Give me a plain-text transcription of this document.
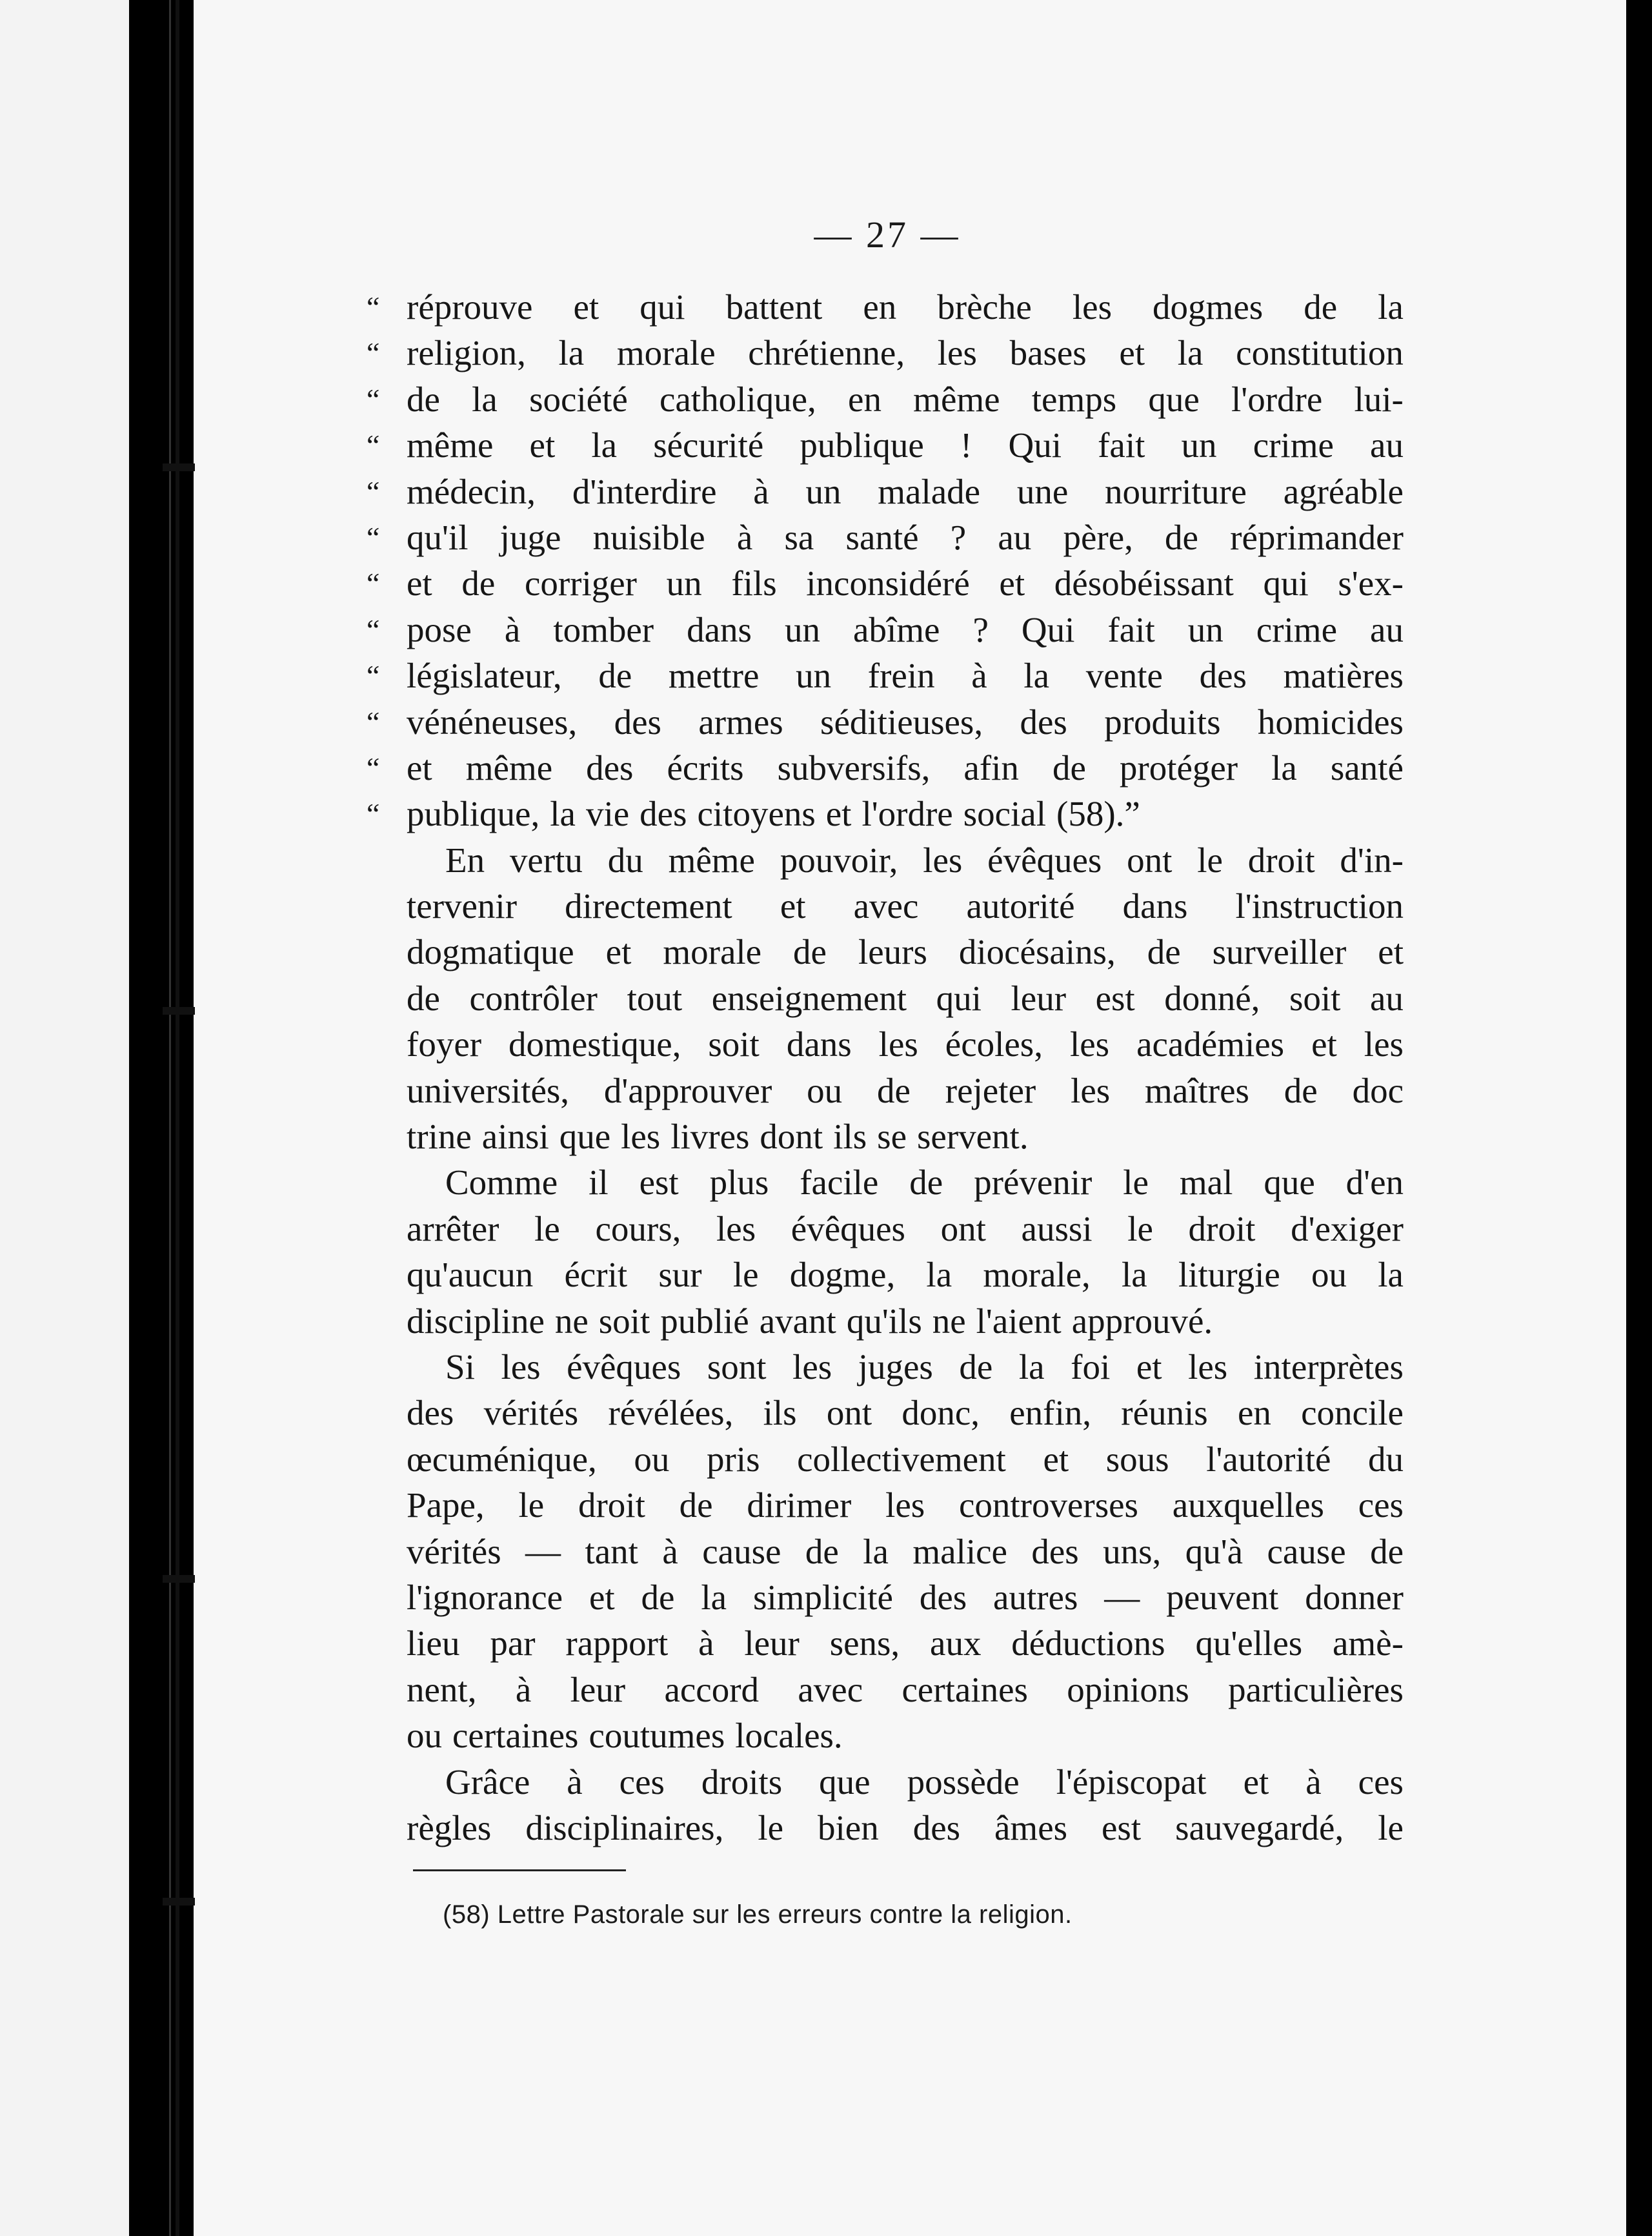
— 27 —
“ réprouve et qui battent en brèche les dogmes de la
“ religion, la morale chrétienne, les bases et la constitution
“ de la société catholique, en même temps que l'ordre lui-
“ même et la sécurité publique ! Qui fait un crime au
“ médecin, d'interdire à un malade une nourriture agréable
“ qu'il juge nuisible à sa santé ? au père, de réprimander
“ et de corriger un fils inconsidéré et désobéissant qui s'ex-
“ pose à tomber dans un abîme ? Qui fait un crime au
“ législateur, de mettre un frein à la vente des matières
“ vénéneuses, des armes séditieuses, des produits homicides
“ et même des écrits subversifs, afin de protéger la santé
“ publique, la vie des citoyens et l'ordre social (58).”
En vertu du même pouvoir, les évêques ont le droit d'in-
tervenir directement et avec autorité dans l'instruction
dogmatique et morale de leurs diocésains, de surveiller et
de contrôler tout enseignement qui leur est donné, soit au
foyer domestique, soit dans les écoles, les académies et les
universités, d'approuver ou de rejeter les maîtres de doc
trine ainsi que les livres dont ils se servent.
Comme il est plus facile de prévenir le mal que d'en
arrêter le cours, les évêques ont aussi le droit d'exiger
qu'aucun écrit sur le dogme, la morale, la liturgie ou la
discipline ne soit publié avant qu'ils ne l'aient approuvé.
Si les évêques sont les juges de la foi et les interprètes
des vérités révélées, ils ont donc, enfin, réunis en concile
œcuménique, ou pris collectivement et sous l'autorité du
Pape, le droit de dirimer les controverses auxquelles ces
vérités — tant à cause de la malice des uns, qu'à cause de
l'ignorance et de la simplicité des autres — peuvent donner
lieu par rapport à leur sens, aux déductions qu'elles amè-
nent, à leur accord avec certaines opinions particulières
ou certaines coutumes locales.
Grâce à ces droits que possède l'épiscopat et à ces
règles disciplinaires, le bien des âmes est sauvegardé, le
(58) Lettre Pastorale sur les erreurs contre la religion.
